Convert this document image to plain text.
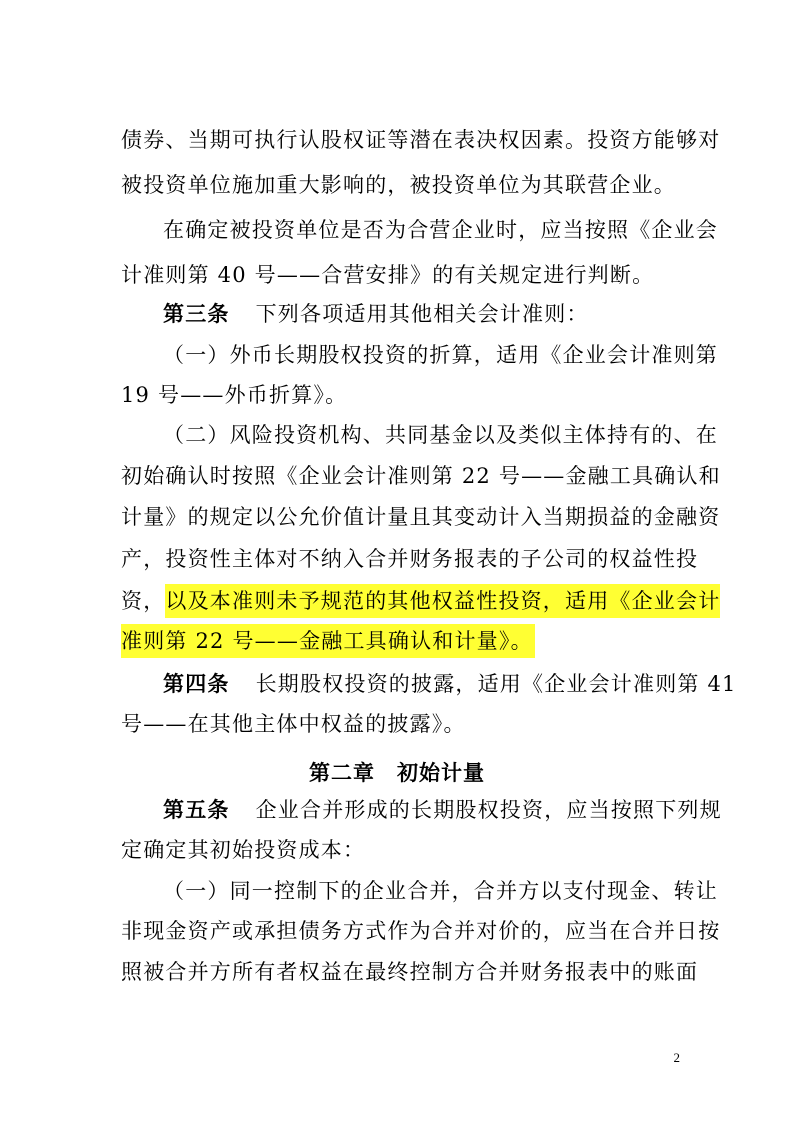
债券、当期可执行认股权证等潜在表决权因素。投资方能够对
被投资单位施加重大影响的，被投资单位为其联营企业。
在确定被投资单位是否为合营企业时，应当按照《企业会
计准则第 40 号——合营安排》的有关规定进行判断。
第三条 下列各项适用其他相关会计准则：
（一）外币长期股权投资的折算，适用《企业会计准则第
19 号——外币折算》。
（二）风险投资机构、共同基金以及类似主体持有的、在
初始确认时按照《企业会计准则第 22 号——金融工具确认和
计量》的规定以公允价值计量且其变动计入当期损益的金融资
产，投资性主体对不纳入合并财务报表的子公司的权益性投
资，以及本准则未予规范的其他权益性投资，适用《企业会计
准则第 22 号——金融工具确认和计量》。
第四条 长期股权投资的披露，适用《企业会计准则第 41
号——在其他主体中权益的披露》。
第二章　初始计量
第五条 企业合并形成的长期股权投资，应当按照下列规
定确定其初始投资成本：
（一）同一控制下的企业合并，合并方以支付现金、转让
非现金资产或承担债务方式作为合并对价的，应当在合并日按
照被合并方所有者权益在最终控制方合并财务报表中的账面
2
